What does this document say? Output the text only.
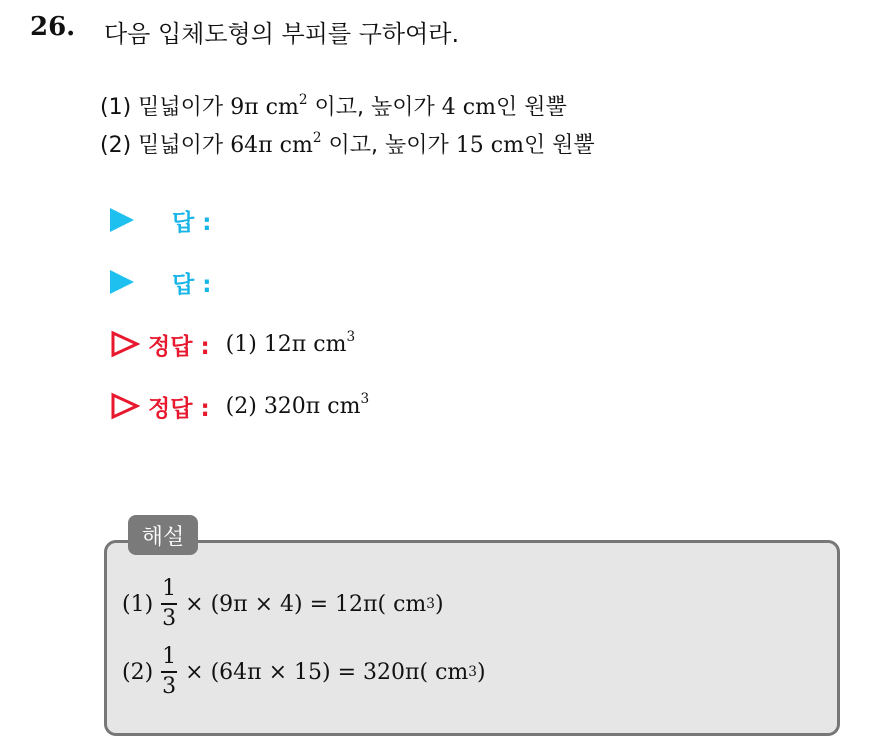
26. 다음 입체도형의 부피를 구하여라.
(1) 밑넓이가 9π $cm^2$ 이고, 높이가 4 cm인 원뿔
(2) 밑넓이가 64π $cm^2$ 이고, 높이가 15 cm인 원뿔
답 :
답 :
정답 : (1) 12π $cm^3$
정답 : (2) 320π $cm^3$
해설
$(1) \frac{1}{3} \times (9\pi \times 4) = 12\pi$( cm 3 )
$(2) \frac{1}{3} \times (64\pi \times 15) = 320\pi$( cm 3 )
